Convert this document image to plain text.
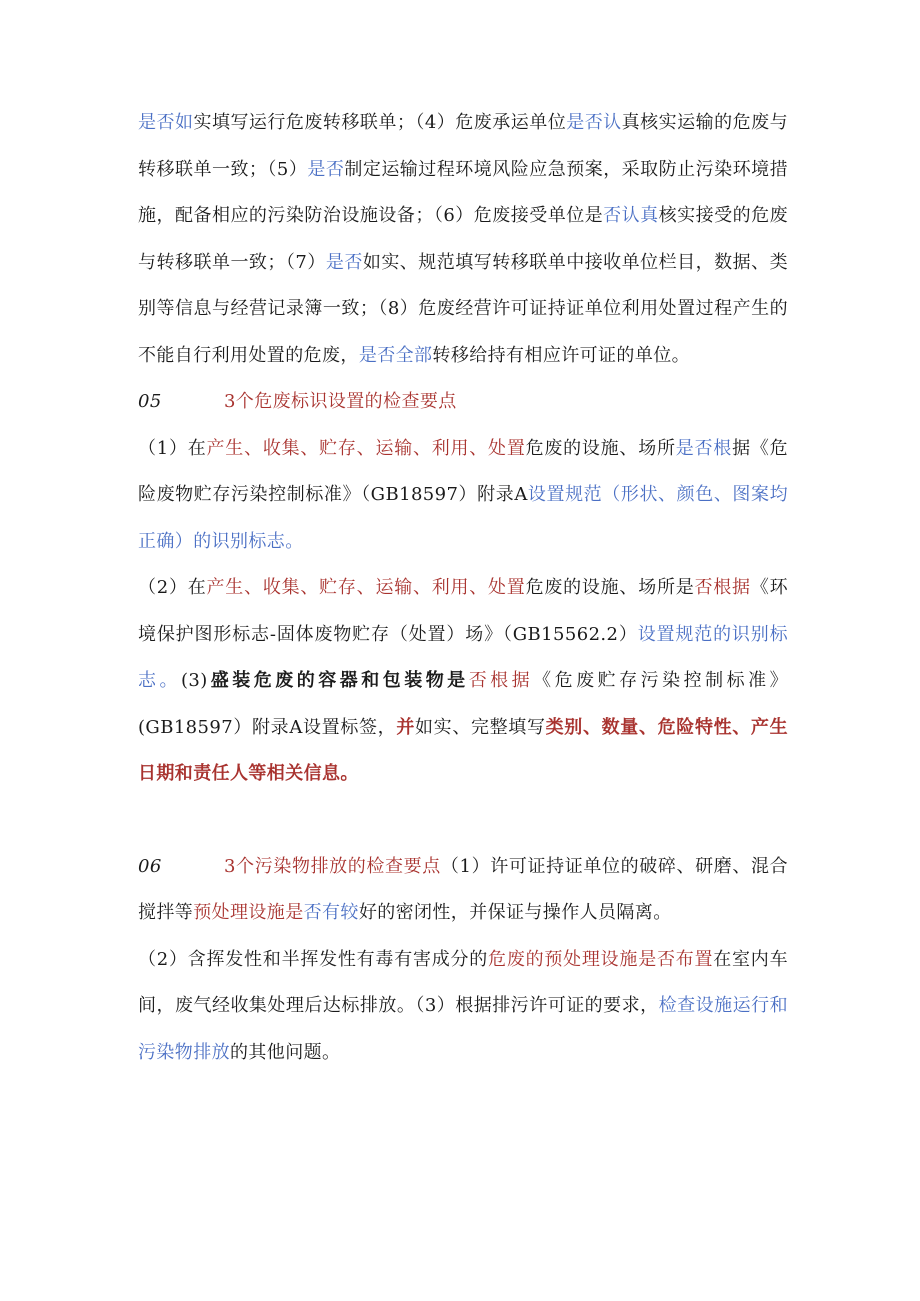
是否如实填写运行危废转移联单；（4）危废承运单位是否认真核实运输的危废与转移联单一致；（5）是否制定运输过程环境风险应急预案，采取防止污染环境措施，配备相应的污染防治设施设备；（6）危废接受单位是否认真核实接受的危废与转移联单一致；（7）是否如实、规范填写转移联单中接收单位栏目，数据、类别等信息与经营记录簿一致；（8）危废经营许可证持证单位利用处置过程产生的不能自行利用处置的危废，是否全部转移给持有相应许可证的单位。

05	3个危废标识设置的检查要点

（1）在产生、收集、贮存、运输、利用、处置危废的设施、场所是否根据《危险废物贮存污染控制标准》（GB18597）附录A设置规范（形状、颜色、图案均正确）的识别标志。

（2）在产生、收集、贮存、运输、利用、处置危废的设施、场所是否根据《环境保护图形标志-固体废物贮存（处置）场》（GB15562.2）设置规范的识别标志。(3)盛装危废的容器和包装物是否根据《危废贮存污染控制标准》(GB18597）附录A设置标签，并如实、完整填写类别、数量、危险特性、产生日期和责任人等相关信息。

06	3个污染物排放的检查要点（1）许可证持证单位的破碎、研磨、混合搅拌等预处理设施是否有较好的密闭性，并保证与操作人员隔离。

（2）含挥发性和半挥发性有毒有害成分的危废的预处理设施是否布置在室内车间，废气经收集处理后达标排放。（3）根据排污许可证的要求，检查设施运行和污染物排放的其他问题。
